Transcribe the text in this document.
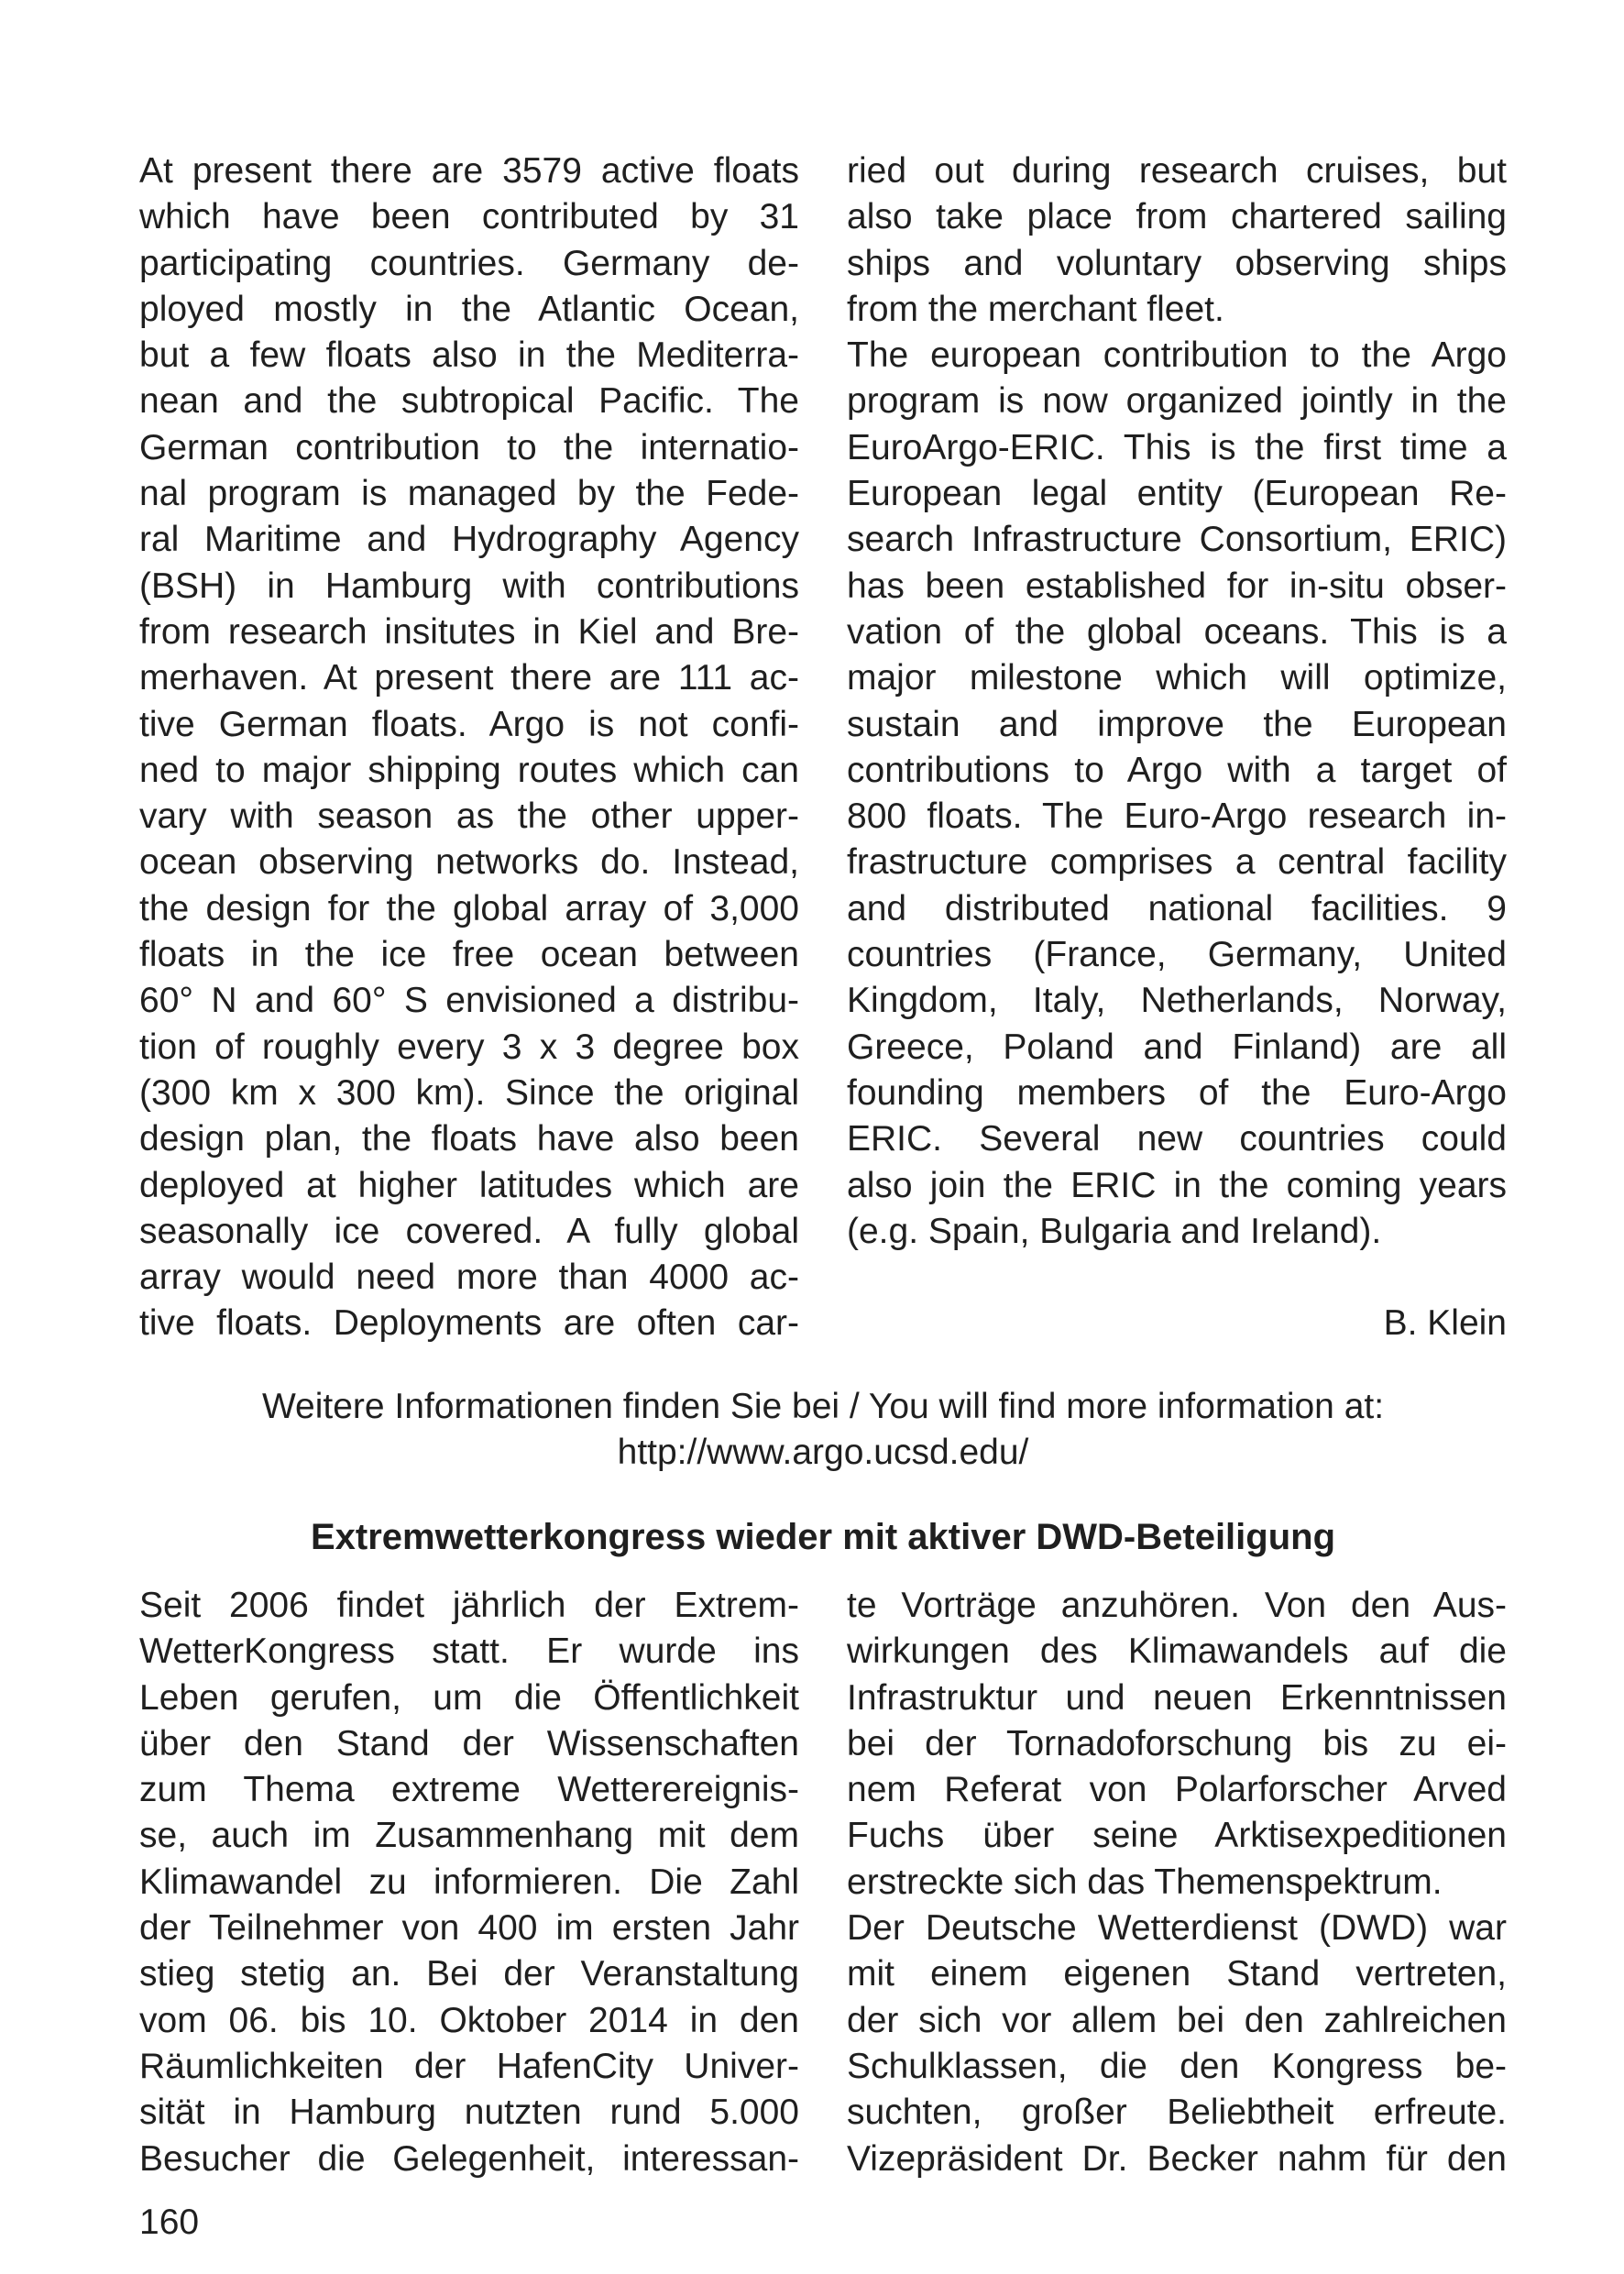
At present there are 3579 active floats
which have been contributed by 31
participating countries. Germany de-
ployed mostly in the Atlantic Ocean,
but a few floats also in the Mediterra-
nean and the subtropical Pacific. The
German contribution to the internatio-
nal program is managed by the Fede-
ral Maritime and Hydrography Agency
(BSH) in Hamburg with contributions
from research insitutes in Kiel and Bre-
merhaven. At present there are 111 ac-
tive German floats. Argo is not confi-
ned to major shipping routes which can
vary with season as the other upper-
ocean observing networks do. Instead,
the design for the global array of 3,000
floats in the ice free ocean between
60° N and 60° S envisioned a distribu-
tion of roughly every 3 x 3 degree box
(300 km x 300 km). Since the original
design plan, the floats have also been
deployed at higher latitudes which are
seasonally ice covered. A fully global
array would need more than 4000 ac-
tive floats. Deployments are often car-
ried out during research cruises, but
also take place from chartered sailing
ships and voluntary observing ships
from the merchant fleet.
The european contribution to the Argo
program is now organized jointly in the
EuroArgo-ERIC. This is the first time a
European legal entity (European Re-
search Infrastructure Consortium, ERIC)
has been established for in-situ obser-
vation of the global oceans. This is a
major milestone which will optimize,
sustain and improve the European
contributions to Argo with a target of
800 floats. The Euro-Argo research in-
frastructure comprises a central facility
and distributed national facilities. 9
countries (France, Germany, United
Kingdom, Italy, Netherlands, Norway,
Greece, Poland and Finland) are all
founding members of the Euro-Argo
ERIC. Several new countries could
also join the ERIC in the coming years
(e.g. Spain, Bulgaria and Ireland).
B. Klein
Weitere Informationen finden Sie bei / You will find more information at:
http://www.argo.ucsd.edu/
Extremwetterkongress wieder mit aktiver DWD-Beteiligung
Seit 2006 findet jährlich der Extrem-
WetterKongress statt. Er wurde ins
Leben gerufen, um die Öffentlichkeit
über den Stand der Wissenschaften
zum Thema extreme Wetterereignis-
se, auch im Zusammenhang mit dem
Klimawandel zu informieren. Die Zahl
der Teilnehmer von 400 im ersten Jahr
stieg stetig an. Bei der Veranstaltung
vom 06. bis 10. Oktober 2014 in den
Räumlichkeiten der HafenCity Univer-
sität in Hamburg nutzten rund 5.000
Besucher die Gelegenheit, interessan-
te Vorträge anzuhören. Von den Aus-
wirkungen des Klimawandels auf die
Infrastruktur und neuen Erkenntnissen
bei der Tornadoforschung bis zu ei-
nem Referat von Polarforscher Arved
Fuchs über seine Arktisexpeditionen
erstreckte sich das Themenspektrum.
Der Deutsche Wetterdienst (DWD) war
mit einem eigenen Stand vertreten,
der sich vor allem bei den zahlreichen
Schulklassen, die den Kongress be-
suchten, großer Beliebtheit erfreute.
Vizepräsident Dr. Becker nahm für den
160
